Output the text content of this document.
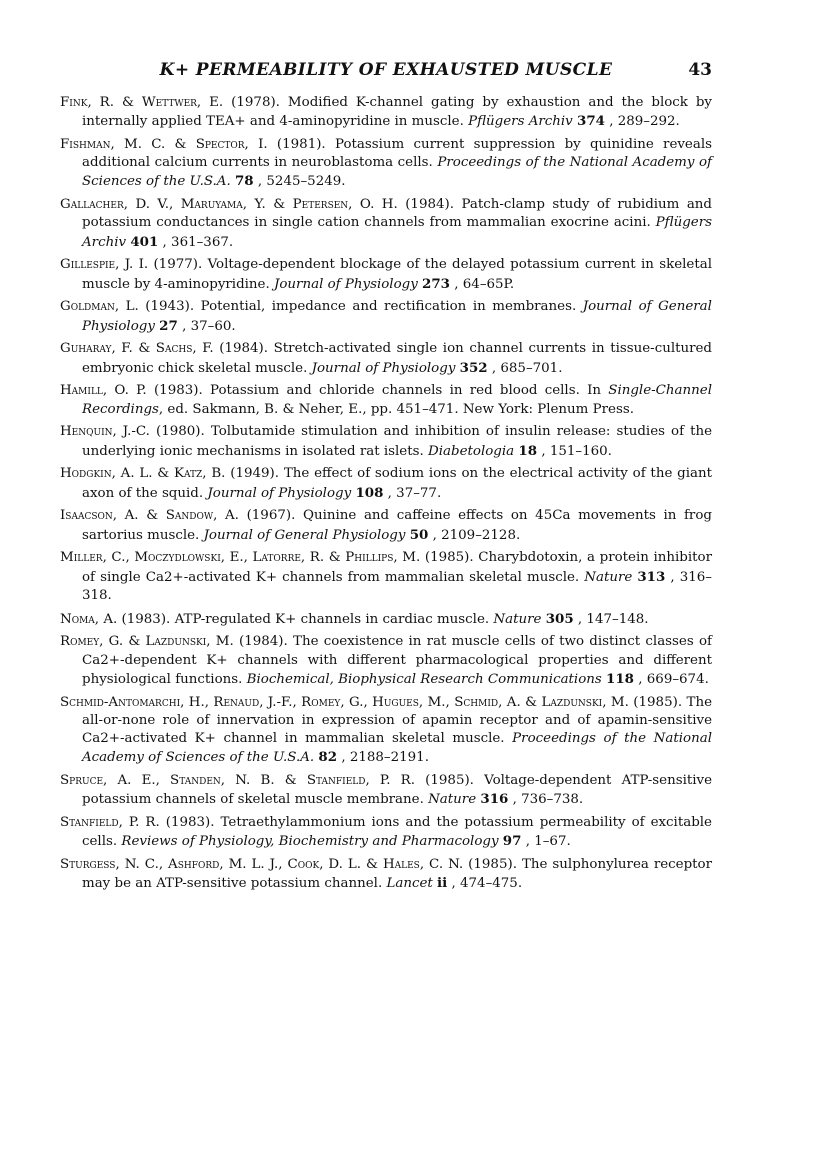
K+ PERMEABILITY OF EXHAUSTED MUSCLE	43

Fink, R. & Wettwer, E. (1978). Modified K-channel gating by exhaustion and the block by internally applied TEA+ and 4-aminopyridine in muscle. Pflügers Archiv 374 , 289–292.

Fishman, M. C. & Spector, I. (1981). Potassium current suppression by quinidine reveals additional calcium currents in neuroblastoma cells. Proceedings of the National Academy of Sciences of the U.S.A. 78 , 5245–5249.

Gallacher, D. V., Maruyama, Y. & Petersen, O. H. (1984). Patch-clamp study of rubidium and potassium conductances in single cation channels from mammalian exocrine acini. Pflügers Archiv 401 , 361–367.

Gillespie, J. I. (1977). Voltage-dependent blockage of the delayed potassium current in skeletal muscle by 4-aminopyridine. Journal of Physiology 273 , 64–65P.

Goldman, L. (1943). Potential, impedance and rectification in membranes. Journal of General Physiology 27 , 37–60.

Guharay, F. & Sachs, F. (1984). Stretch-activated single ion channel currents in tissue-cultured embryonic chick skeletal muscle. Journal of Physiology 352 , 685–701.

Hamill, O. P. (1983). Potassium and chloride channels in red blood cells. In Single-Channel Recordings, ed. Sakmann, B. & Neher, E., pp. 451–471. New York: Plenum Press.

Henquin, J.-C. (1980). Tolbutamide stimulation and inhibition of insulin release: studies of the underlying ionic mechanisms in isolated rat islets. Diabetologia 18 , 151–160.

Hodgkin, A. L. & Katz, B. (1949). The effect of sodium ions on the electrical activity of the giant axon of the squid. Journal of Physiology 108 , 37–77.

Isaacson, A. & Sandow, A. (1967). Quinine and caffeine effects on 45Ca movements in frog sartorius muscle. Journal of General Physiology 50 , 2109–2128.

Miller, C., Moczydlowski, E., Latorre, R. & Phillips, M. (1985). Charybdotoxin, a protein inhibitor of single Ca2+-activated K+ channels from mammalian skeletal muscle. Nature 313 , 316–318.

Noma, A. (1983). ATP-regulated K+ channels in cardiac muscle. Nature 305 , 147–148.

Romey, G. & Lazdunski, M. (1984). The coexistence in rat muscle cells of two distinct classes of Ca2+-dependent K+ channels with different pharmacological properties and different physiological functions. Biochemical, Biophysical Research Communications 118 , 669–674.

Schmid-Antomarchi, H., Renaud, J.-F., Romey, G., Hugues, M., Schmid, A. & Lazdunski, M. (1985). The all-or-none role of innervation in expression of apamin receptor and of apamin-sensitive Ca2+-activated K+ channel in mammalian skeletal muscle. Proceedings of the National Academy of Sciences of the U.S.A. 82 , 2188–2191.

Spruce, A. E., Standen, N. B. & Stanfield, P. R. (1985). Voltage-dependent ATP-sensitive potassium channels of skeletal muscle membrane. Nature 316 , 736–738.

Stanfield, P. R. (1983). Tetraethylammonium ions and the potassium permeability of excitable cells. Reviews of Physiology, Biochemistry and Pharmacology 97 , 1–67.

Sturgess, N. C., Ashford, M. L. J., Cook, D. L. & Hales, C. N. (1985). The sulphonylurea receptor may be an ATP-sensitive potassium channel. Lancet ii , 474–475.
